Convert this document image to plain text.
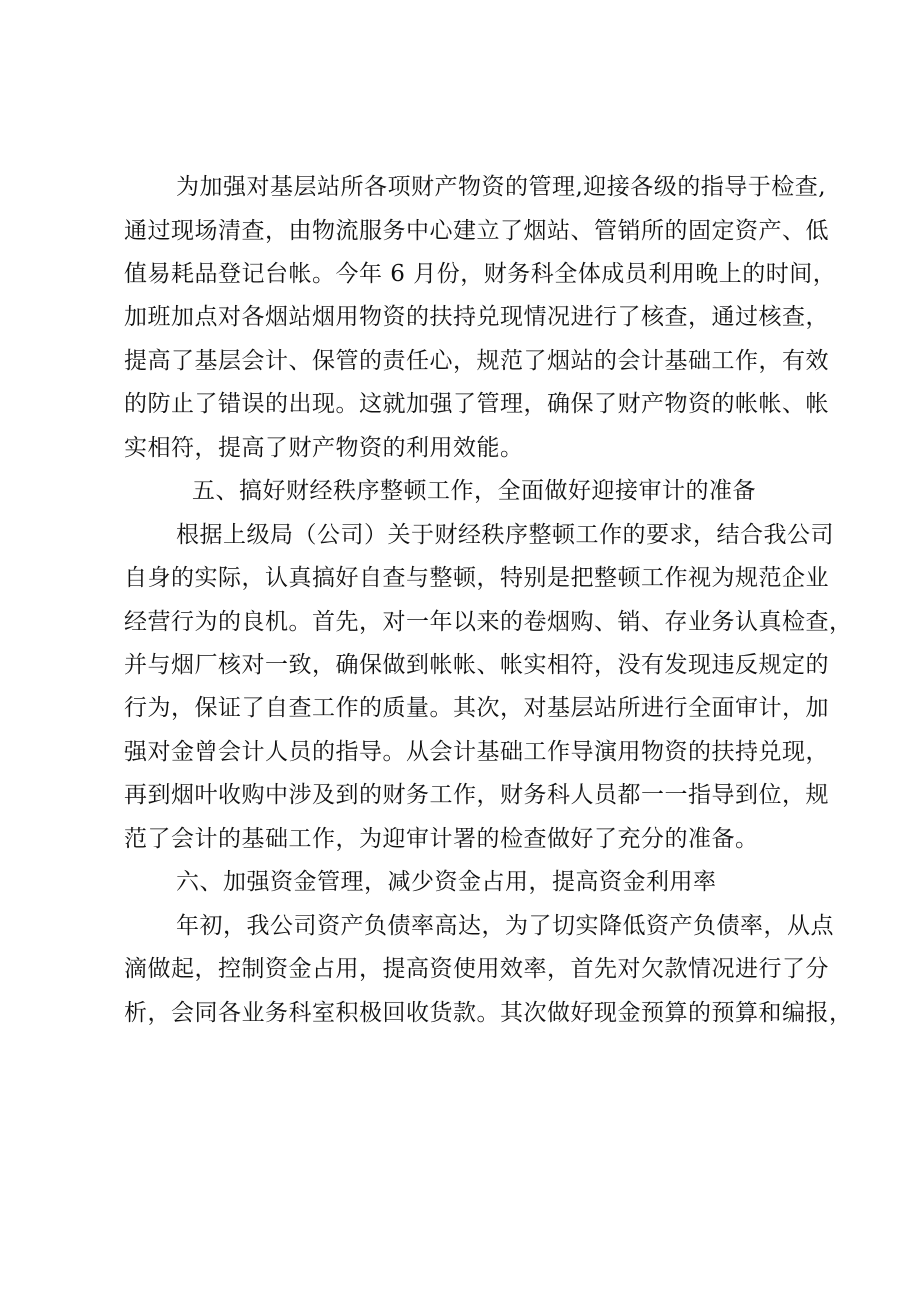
为加强对基层站所各项财产物资的管理,迎接各级的指导于检查,

通过现场清查，由物流服务中心建立了烟站、管销所的固定资产、低

值易耗品登记台帐。今年 6 月份，财务科全体成员利用晚上的时间，

加班加点对各烟站烟用物资的扶持兑现情况进行了核查，通过核查，

提高了基层会计、保管的责任心，规范了烟站的会计基础工作，有效

的防止了错误的出现。这就加强了管理，确保了财产物资的帐帐、帐

实相符，提高了财产物资的利用效能。

五、搞好财经秩序整顿工作，全面做好迎接审计的准备

根据上级局（公司）关于财经秩序整顿工作的要求，结合我公司

自身的实际，认真搞好自查与整顿，特别是把整顿工作视为规范企业

经营行为的良机。首先，对一年以来的卷烟购、销、存业务认真检查，

并与烟厂核对一致，确保做到帐帐、帐实相符，没有发现违反规定的

行为，保证了自查工作的质量。其次，对基层站所进行全面审计，加

强对金曾会计人员的指导。从会计基础工作导演用物资的扶持兑现，

再到烟叶收购中涉及到的财务工作，财务科人员都一一指导到位，规

范了会计的基础工作，为迎审计署的检查做好了充分的准备。

六、加强资金管理，减少资金占用，提高资金利用率

年初，我公司资产负债率高达，为了切实降低资产负债率，从点

滴做起，控制资金占用，提高资使用效率，首先对欠款情况进行了分

析，会同各业务科室积极回收货款。其次做好现金预算的预算和编报，
